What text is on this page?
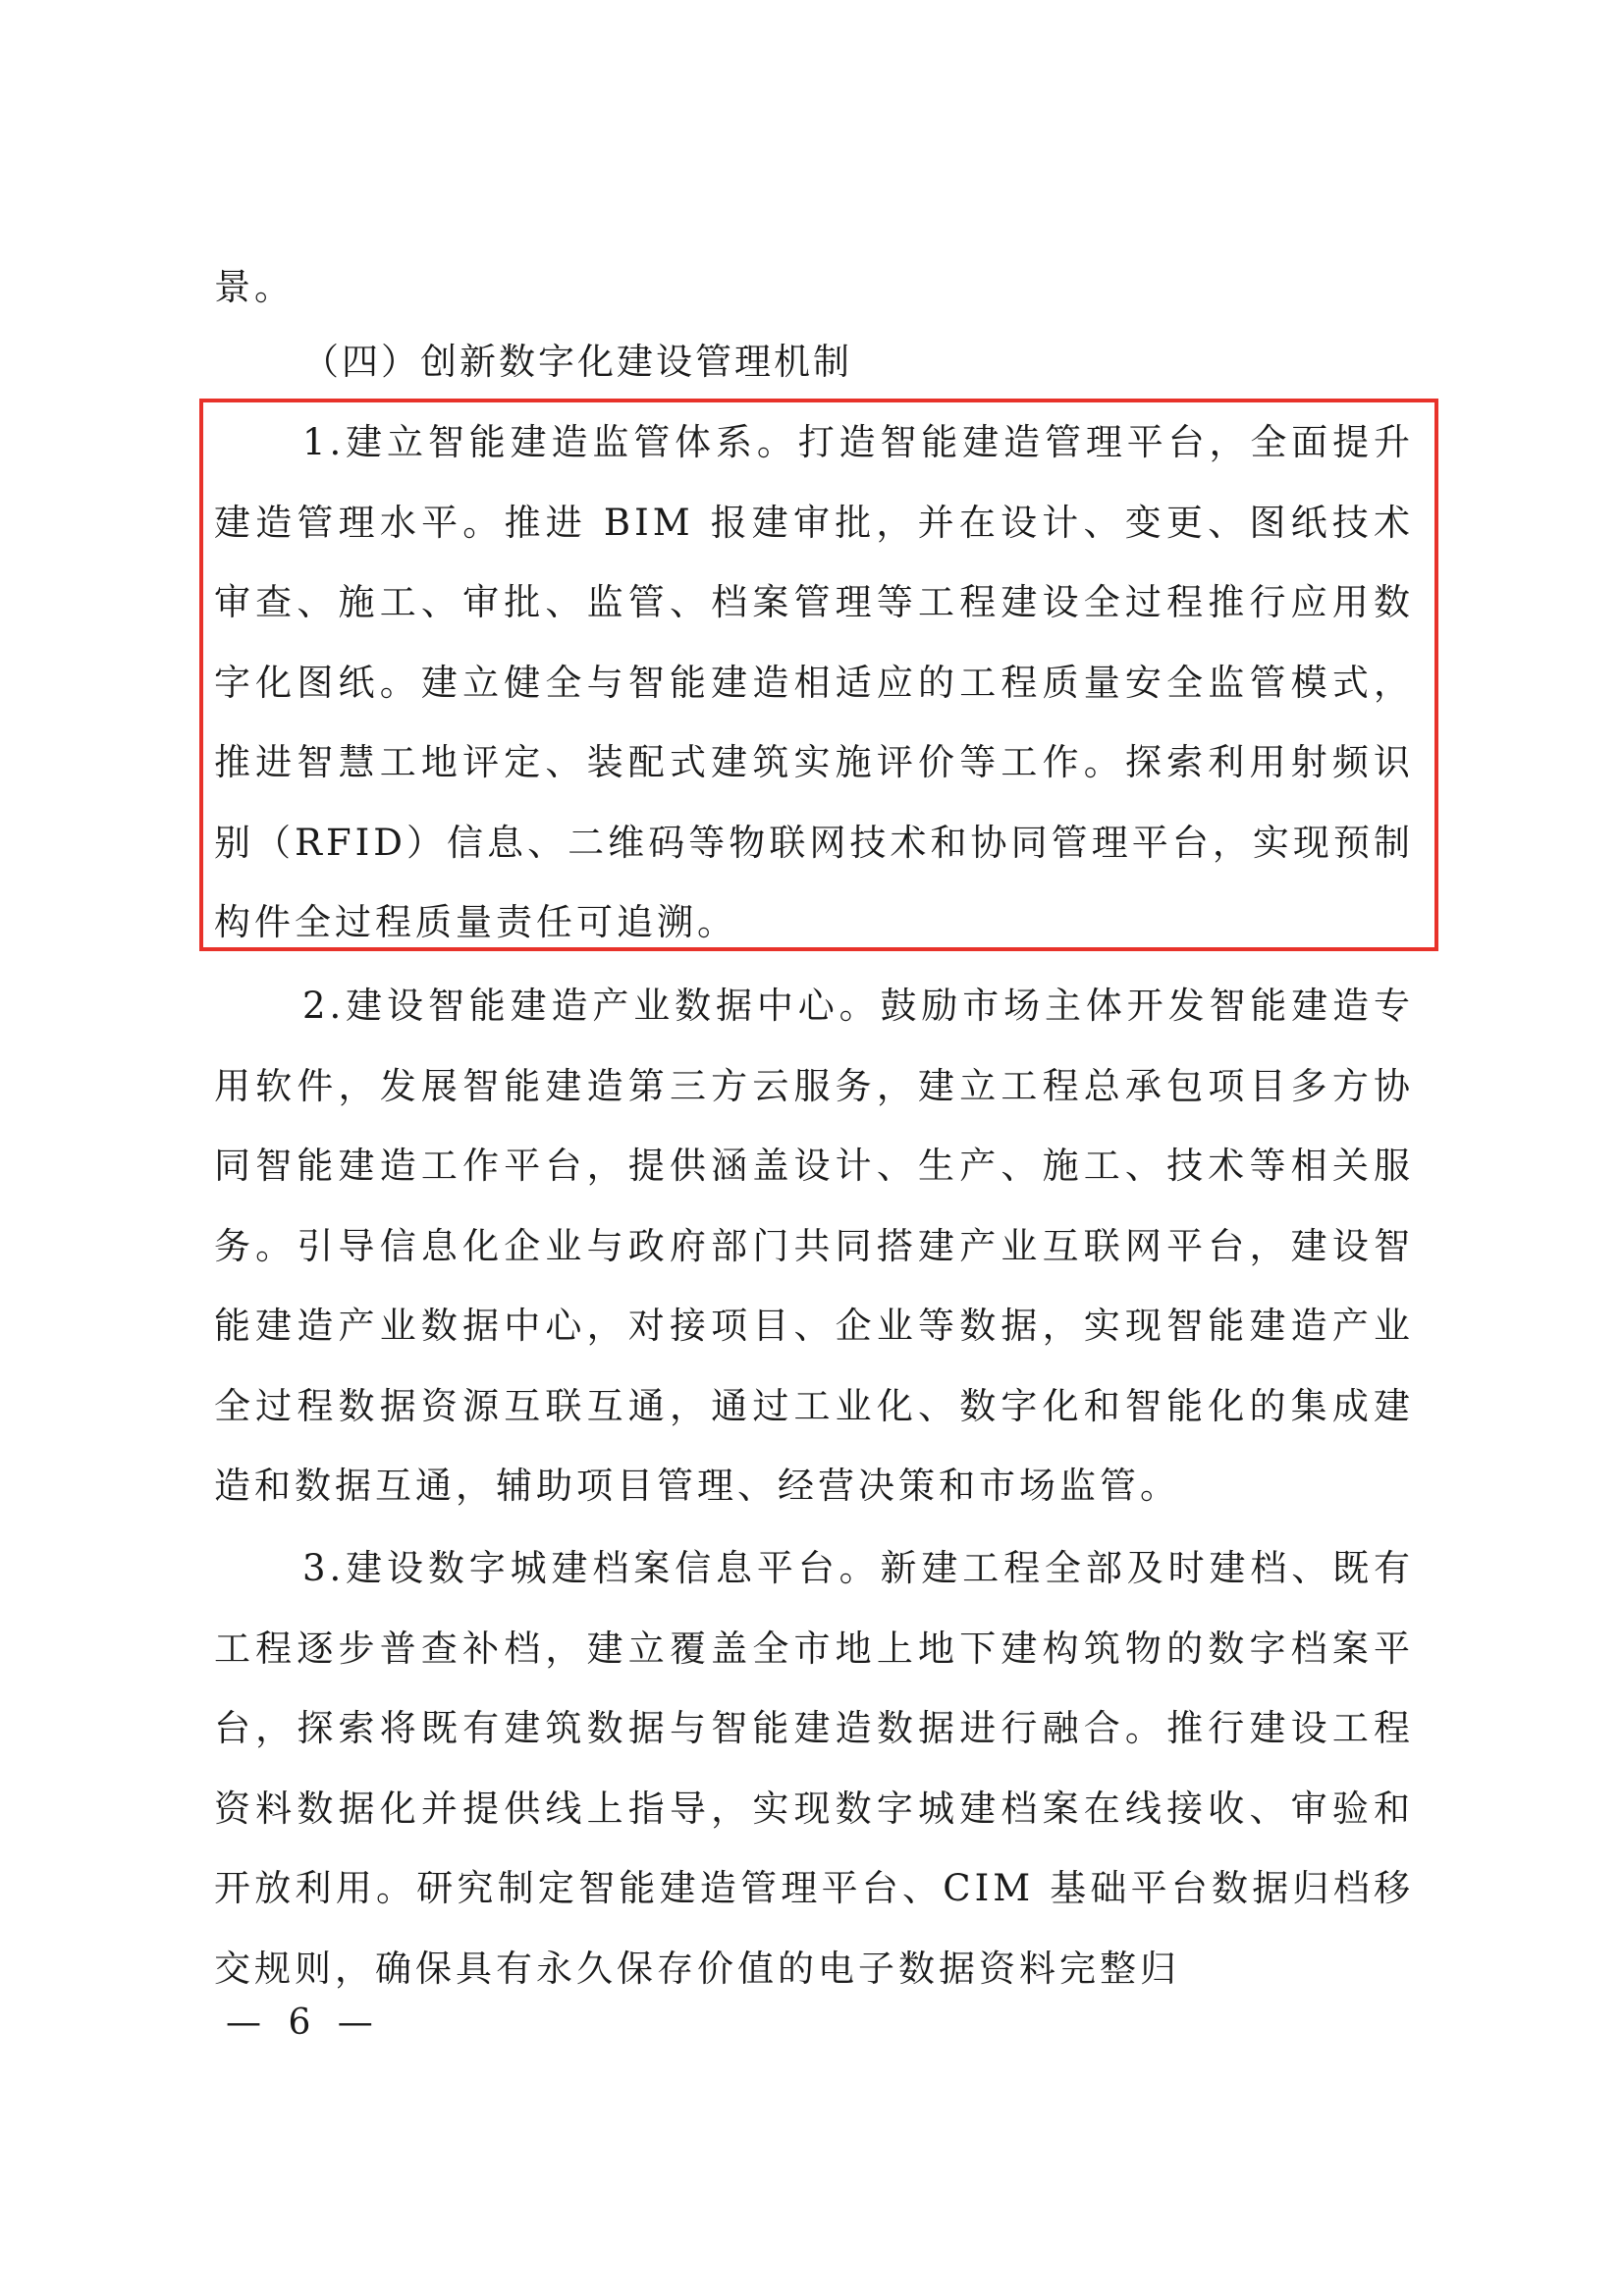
景。

（四）创新数字化建设管理机制

1.建立智能建造监管体系。打造智能建造管理平台，全面提升建造管理水平。推进 BIM 报建审批，并在设计、变更、图纸技术审查、施工、审批、监管、档案管理等工程建设全过程推行应用数字化图纸。建立健全与智能建造相适应的工程质量安全监管模式，推进智慧工地评定、装配式建筑实施评价等工作。探索利用射频识别（RFID）信息、二维码等物联网技术和协同管理平台，实现预制构件全过程质量责任可追溯。

2.建设智能建造产业数据中心。鼓励市场主体开发智能建造专用软件，发展智能建造第三方云服务，建立工程总承包项目多方协同智能建造工作平台，提供涵盖设计、生产、施工、技术等相关服务。引导信息化企业与政府部门共同搭建产业互联网平台，建设智能建造产业数据中心，对接项目、企业等数据，实现智能建造产业全过程数据资源互联互通，通过工业化、数字化和智能化的集成建造和数据互通，辅助项目管理、经营决策和市场监管。

3.建设数字城建档案信息平台。新建工程全部及时建档、既有工程逐步普查补档，建立覆盖全市地上地下建构筑物的数字档案平台，探索将既有建筑数据与智能建造数据进行融合。推行建设工程资料数据化并提供线上指导，实现数字城建档案在线接收、审验和开放利用。研究制定智能建造管理平台、CIM 基础平台数据归档移交规则，确保具有永久保存价值的电子数据资料完整归

— 6 —
